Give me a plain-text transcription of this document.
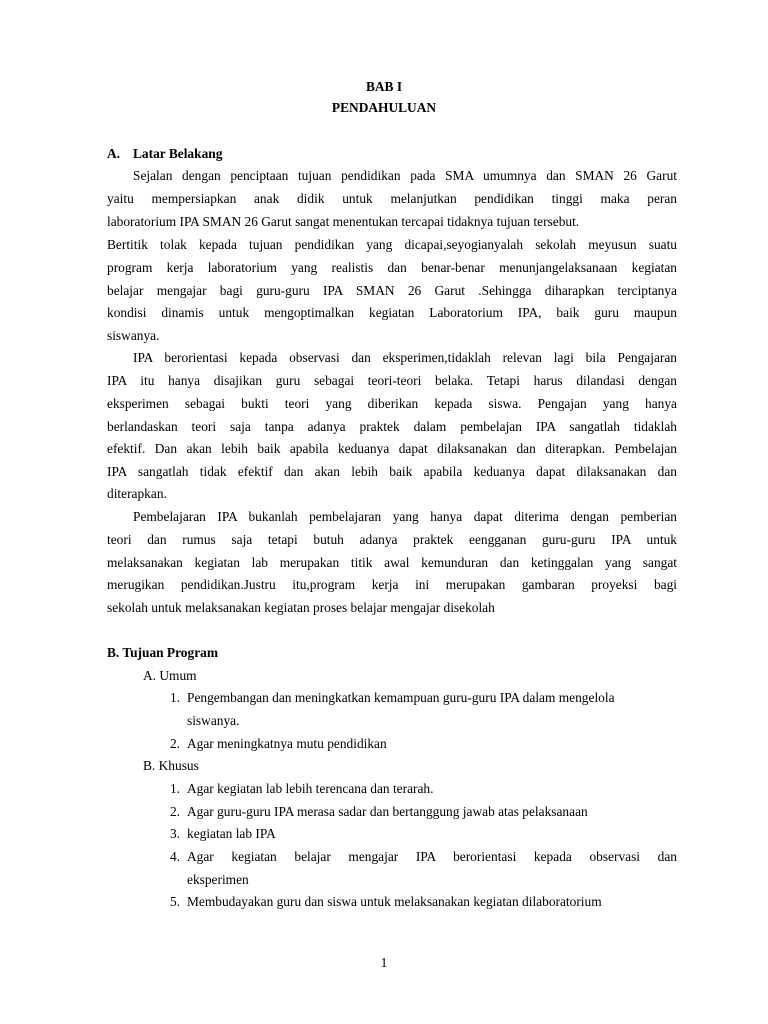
BAB I
PENDAHULUAN
A. Latar Belakang
Sejalan dengan penciptaan tujuan pendidikan pada SMA umumnya dan SMAN 26 Garut
yaitu mempersiapkan anak didik untuk melanjutkan pendidikan tinggi maka peran
laboratorium IPA SMAN 26 Garut sangat menentukan tercapai tidaknya tujuan tersebut.
Bertitik tolak kepada tujuan pendidikan yang dicapai,seyogianyalah sekolah meyusun suatu
program kerja laboratorium yang realistis dan benar-benar menunjangelaksanaan kegiatan
belajar mengajar bagi guru-guru IPA SMAN 26 Garut .Sehingga diharapkan terciptanya
kondisi dinamis untuk mengoptimalkan kegiatan Laboratorium IPA, baik guru maupun
siswanya.
IPA berorientasi kepada observasi dan eksperimen,tidaklah relevan lagi bila Pengajaran
IPA itu hanya disajikan guru sebagai teori-teori belaka. Tetapi harus dilandasi dengan
eksperimen sebagai bukti teori yang diberikan kepada siswa. Pengajan yang hanya
berlandaskan teori saja tanpa adanya praktek dalam pembelajan IPA sangatlah tidaklah
efektif. Dan akan lebih baik apabila keduanya dapat dilaksanakan dan diterapkan. Pembelajan
IPA sangatlah tidak efektif dan akan lebih baik apabila keduanya dapat dilaksanakan dan
diterapkan.
Pembelajaran IPA bukanlah pembelajaran yang hanya dapat diterima dengan pemberian
teori dan rumus saja tetapi butuh adanya praktek eengganan guru-guru IPA untuk
melaksanakan kegiatan lab merupakan titik awal kemunduran dan ketinggalan yang sangat
merugikan pendidikan.Justru itu,program kerja ini merupakan gambaran proyeksi bagi
sekolah untuk melaksanakan kegiatan proses belajar mengajar disekolah
B. Tujuan Program
A. Umum
1. Pengembangan dan meningkatkan kemampuan guru-guru IPA dalam mengelola
siswanya.
2. Agar meningkatnya mutu pendidikan
B. Khusus
1. Agar kegiatan lab lebih terencana dan terarah.
2. Agar guru-guru IPA merasa sadar dan bertanggung jawab atas pelaksanaan
3. kegiatan lab IPA
4. Agar kegiatan belajar mengajar IPA berorientasi kepada observasi dan
eksperimen
5. Membudayakan guru dan siswa untuk melaksanakan kegiatan dilaboratorium
1
